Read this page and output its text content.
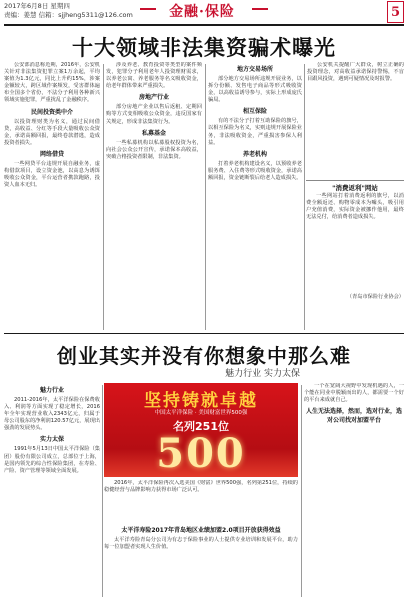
2017年6月8日 星期四
责编：姜慧 信箱：sjjheng5311@126.com	金融·保险	5
十大领域非法集资骗术曝光

公安部消息称近期，2016年，公安机关针对非法集资犯罪立案1万余起，平均案值为1.3亿元，同比上升约15%，涉案金额较大，跨区域作案频发，受害群体遍布全国多个省份，不法分子利用各种新兴领域实施犯罪，严重扰乱了金融秩序。

民间投资类中介

以投资理财类为名义，通过民间借贷，高收益、分红等手段大量吸收公众资金，承诺高额回报，最终卷款潜逃，造成投资者损失。

网络借贷

一些网贷平台违规开展自融业务，虚构借款项目，设立资金池，以高息为诱饵吸收公众资金，平台运营者携款跑路，投资人血本无归。

涉及养老、教育投资等类型的案件频发，犯罪分子利用老年人投资理财需求，以养老公寓、养老服务等名义吸收资金，给老年群体带来严重损失。

房地产行业

部分房地产企业以售后返租、定期回购等方式变相吸收公众资金，违反国家有关规定，形成非法集资行为。

私募基金

一些私募机构以私募股权投资为名，向社会公众公开宣传，承诺保本高收益，突破合格投资者限制，非法集资。

地方交易场所

部分地方交易场所违规开展业务，以拆分份额、发售电子商品等形式吸收资金，以高收益诱导参与，实际上形成庞氏骗局。

相互保险

有的不法分子打着互助保险的旗号，以相互保险为名义，实则违规开展保险业务，非法吸收资金，严重损害参保人利益。

养老机构

打着养老机构建设名义，以预收养老服务费、入住费等形式吸收资金，承诺高额回报，资金链断裂后给老人造成损失。

公安机关提醒广大群众，树立正确的投资理念，对高收益承诺保持警惕，不盲目跟风投资，遇到可疑情况及时报警。

"消费返利"网站

一些网站打着消费返利的旗号，以消费全额返还、购物零成本为噱头，吸引用户充值消费，实际资金被挪作他用，最终无法兑付，给消费者造成损失。

（青岛市保险行业协会）
创业其实并没有你想象中那么难
魅力行业 实力太保
魅力行业

2011-2016年，太平洋保险在保费收入、利润等方面实现了稳定增长，2016年全年实现营业收入2343亿元，归属于母公司股东的净利润120.57亿元，展现出强劲的发展势头。

实力太保

1991年5月13日中国太平洋保险（集团）股份有限公司成立，总部位于上海，是国内领先的综合性保险集团，在寿险、产险、资产管理等领域全面发展。

坚持铸就卓越
中国太平洋保险 · 美国财富世界500强
名列251位
500

2016年，太平洋保险再次入选美国《财富》世界500强，名列第251位，持续的稳健经营与品牌影响力获得市场广泛认可。

太平洋寿险2017年青岛地区业绩加盟2.0项目开放获得效益

太平洋寿险青岛分公司为有志于保险事业的人士提供专业培训和发展平台，助力每一位加盟者实现人生价值。

一个在宽阔大视野中发现机遇的人，一个能在同业中脱颖而出的人，都需要一个好的平台来成就自己。

人生无法选择，然而，选对行业，选对公司找对加盟平台
